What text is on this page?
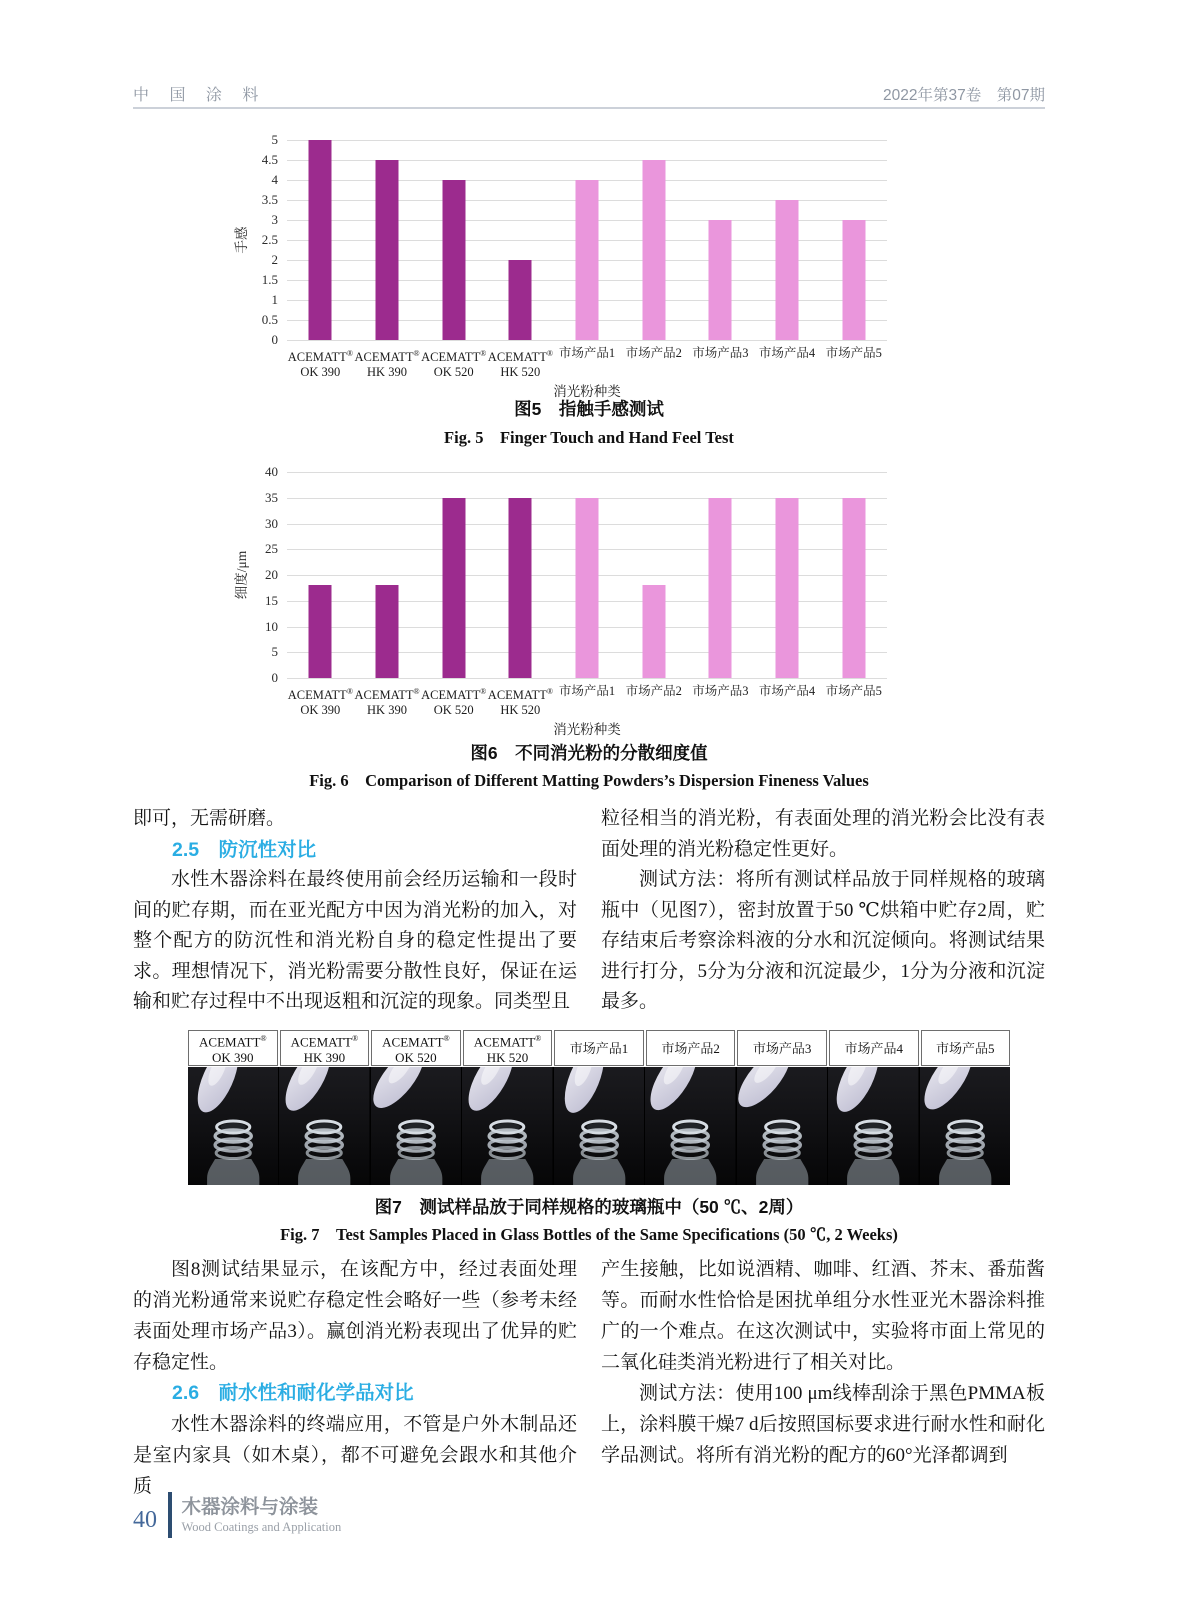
中 国 涂 料	2022年第37卷　第07期
手感
5
4.5
4
3.5
3
2.5
2
1.5
1
0.5
0
ACEMATT®
OK 390
ACEMATT®
HK 390
ACEMATT®
OK 520
ACEMATT®
HK 520
市场产品1 市场产品2 市场产品3 市场产品4 市场产品5
消光粉种类
图5　指触手感测试
Fig. 5　Finger Touch and Hand Feel Test
细度/μm
40
35
30
25
20
15
10
5
0
ACEMATT®
OK 390
ACEMATT®
HK 390
ACEMATT®
OK 520
ACEMATT®
HK 520
市场产品1 市场产品2 市场产品3 市场产品4 市场产品5
消光粉种类
图6　不同消光粉的分散细度值
Fig. 6　Comparison of Different Matting Powders’s Dispersion Fineness Values

即可，无需研磨。

2.5　防沉性对比

水性木器涂料在最终使用前会经历运输和一段时间的贮存期，而在亚光配方中因为消光粉的加入，对整个配方的防沉性和消光粉自身的稳定性提出了要求。理想情况下，消光粉需要分散性良好，保证在运输和贮存过程中不出现返粗和沉淀的现象。同类型且

粒径相当的消光粉，有表面处理的消光粉会比没有表面处理的消光粉稳定性更好。

测试方法：将所有测试样品放于同样规格的玻璃瓶中（见图7），密封放置于50 ℃烘箱中贮存2周，贮存结束后考察涂料液的分水和沉淀倾向。将测试结果进行打分，5分为分液和沉淀最少，1分为分液和沉淀最多。

ACEMATT®
OK 390
ACEMATT®
HK 390
ACEMATT®
OK 520
ACEMATT®
HK 520
市场产品1	市场产品2	市场产品3	市场产品4	市场产品5
图7　测试样品放于同样规格的玻璃瓶中（50 ℃、2周）
Fig. 7　Test Samples Placed in Glass Bottles of the Same Specifications (50 ℃, 2 Weeks)

图8测试结果显示，在该配方中，经过表面处理的消光粉通常来说贮存稳定性会略好一些（参考未经表面处理市场产品3）。赢创消光粉表现出了优异的贮存稳定性。

2.6　耐水性和耐化学品对比

水性木器涂料的终端应用，不管是户外木制品还是室内家具（如木桌），都不可避免会跟水和其他介质

产生接触，比如说酒精、咖啡、红酒、芥末、番茄酱等。而耐水性恰恰是困扰单组分水性亚光木器涂料推广的一个难点。在这次测试中，实验将市面上常见的二氧化硅类消光粉进行了相关对比。

测试方法：使用100 μm线棒刮涂于黑色PMMA板上，涂料膜干燥7 d后按照国标要求进行耐水性和耐化学品测试。将所有消光粉的配方的60°光泽都调到

40 木器涂料与涂装
Wood Coatings and Application
